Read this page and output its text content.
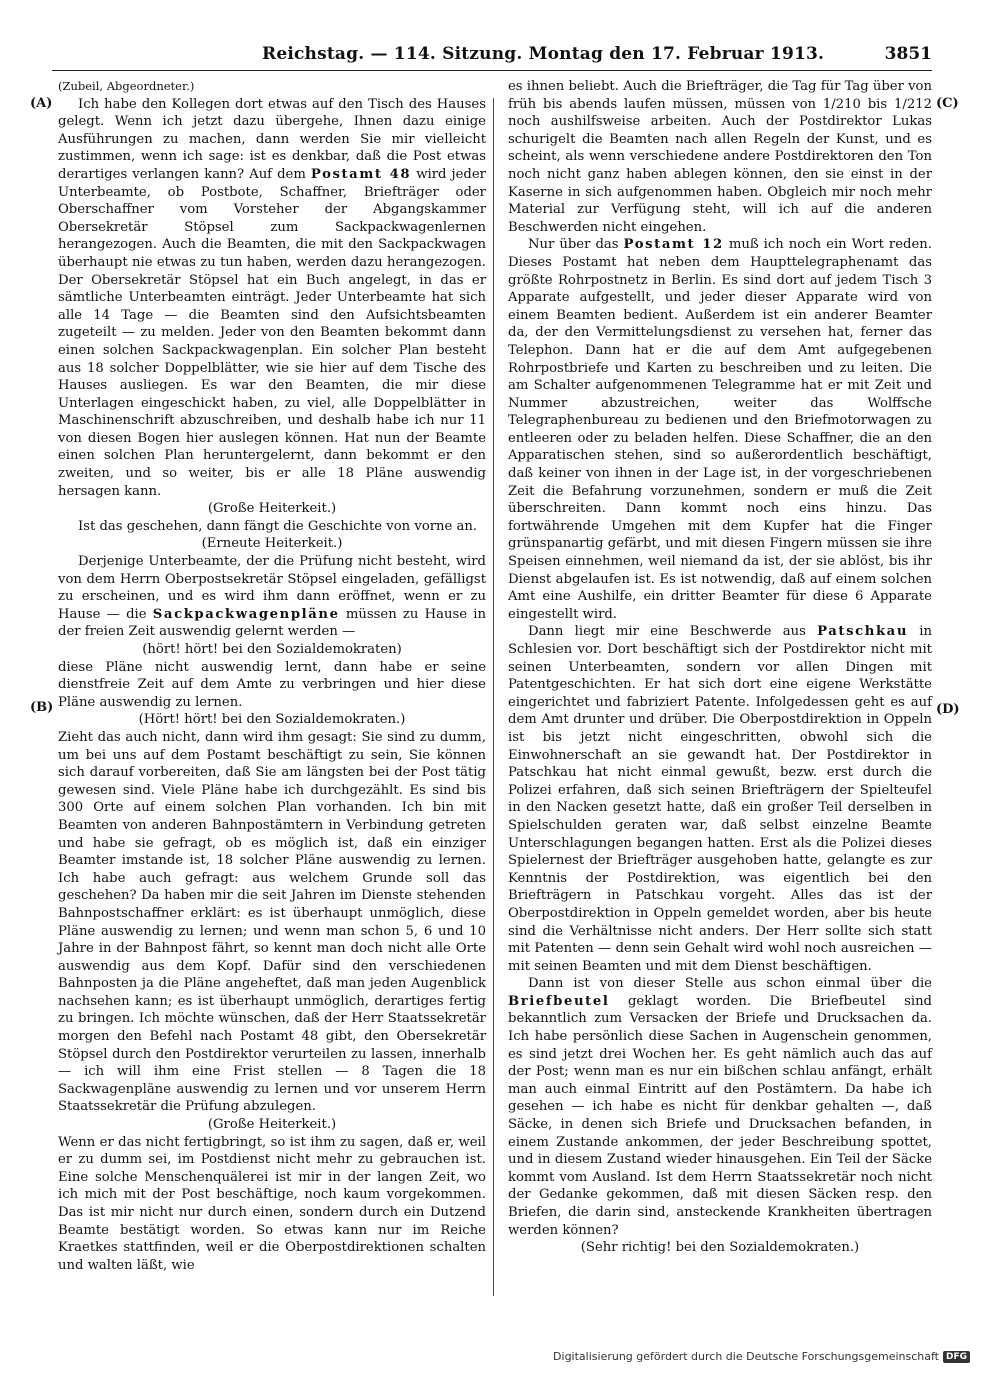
Reichstag. — 114. Sitzung. Montag den 17. Februar 1913.	3851
(A)
(B)
(C)
(D)

(Zubeil, Abgeordneter.)

Ich habe den Kollegen dort etwas auf den Tisch des Hauses gelegt. Wenn ich jetzt dazu übergehe, Ihnen dazu einige Ausführungen zu machen, dann werden Sie mir vielleicht zustimmen, wenn ich sage: ist es denkbar, daß die Post etwas derartiges verlangen kann? Auf dem Postamt 48 wird jeder Unterbeamte, ob Postbote, Schaffner, Briefträger oder Oberschaffner vom Vorsteher der Abgangskammer Obersekretär Stöpsel zum Sackpackwagenlernen herangezogen. Auch die Beamten, die mit den Sackpackwagen überhaupt nie etwas zu tun haben, werden dazu herangezogen. Der Obersekretär Stöpsel hat ein Buch angelegt, in das er sämtliche Unterbeamten einträgt. Jeder Unterbeamte hat sich alle 14 Tage — die Beamten sind den Aufsichtsbeamten zugeteilt — zu melden. Jeder von den Beamten bekommt dann einen solchen Sackpackwagenplan. Ein solcher Plan besteht aus 18 solcher Doppelblätter, wie sie hier auf dem Tische des Hauses ausliegen. Es war den Beamten, die mir diese Unterlagen eingeschickt haben, zu viel, alle Doppelblätter in Maschinenschrift abzuschreiben, und deshalb habe ich nur 11 von diesen Bogen hier auslegen können. Hat nun der Beamte einen solchen Plan heruntergelernt, dann bekommt er den zweiten, und so weiter, bis er alle 18 Pläne auswendig hersagen kann.

(Große Heiterkeit.)

Ist das geschehen, dann fängt die Geschichte von vorne an.

(Erneute Heiterkeit.)

Derjenige Unterbeamte, der die Prüfung nicht besteht, wird von dem Herrn Oberpostsekretär Stöpsel eingeladen, gefälligst zu erscheinen, und es wird ihm dann eröffnet, wenn er zu Hause — die Sackpackwagenpläne müssen zu Hause in der freien Zeit auswendig gelernt werden —

(hört! hört! bei den Sozialdemokraten)

diese Pläne nicht auswendig lernt, dann habe er seine dienstfreie Zeit auf dem Amte zu verbringen und hier diese Pläne auswendig zu lernen.

(Hört! hört! bei den Sozialdemokraten.)

Zieht das auch nicht, dann wird ihm gesagt: Sie sind zu dumm, um bei uns auf dem Postamt beschäftigt zu sein, Sie können sich darauf vorbereiten, daß Sie am längsten bei der Post tätig gewesen sind. Viele Pläne habe ich durchgezählt. Es sind bis 300 Orte auf einem solchen Plan vorhanden. Ich bin mit Beamten von anderen Bahnpostämtern in Verbindung getreten und habe sie gefragt, ob es möglich ist, daß ein einziger Beamter imstande ist, 18 solcher Pläne auswendig zu lernen. Ich habe auch gefragt: aus welchem Grunde soll das geschehen? Da haben mir die seit Jahren im Dienste stehenden Bahnpostschaffner erklärt: es ist überhaupt unmöglich, diese Pläne auswendig zu lernen; und wenn man schon 5, 6 und 10 Jahre in der Bahnpost fährt, so kennt man doch nicht alle Orte auswendig aus dem Kopf. Dafür sind den verschiedenen Bahnposten ja die Pläne angeheftet, daß man jeden Augenblick nachsehen kann; es ist überhaupt unmöglich, derartiges fertig zu bringen. Ich möchte wünschen, daß der Herr Staatssekretär morgen den Befehl nach Postamt 48 gibt, den Obersekretär Stöpsel durch den Postdirektor verurteilen zu lassen, innerhalb — ich will ihm eine Frist stellen — 8 Tagen die 18 Sackwagenpläne auswendig zu lernen und vor unserem Herrn Staatssekretär die Prüfung abzulegen.

(Große Heiterkeit.)

Wenn er das nicht fertigbringt, so ist ihm zu sagen, daß er, weil er zu dumm sei, im Postdienst nicht mehr zu gebrauchen ist. Eine solche Menschenquälerei ist mir in der langen Zeit, wo ich mich mit der Post beschäftige, noch kaum vorgekommen. Das ist mir nicht nur durch einen, sondern durch ein Dutzend Beamte bestätigt worden. So etwas kann nur im Reiche Kraetkes stattfinden, weil er die Oberpostdirektionen schalten und walten läßt, wie

es ihnen beliebt. Auch die Briefträger, die Tag für Tag über von früh bis abends laufen müssen, müssen von 1/210 bis 1/212 noch aushilfsweise arbeiten. Auch der Postdirektor Lukas schurigelt die Beamten nach allen Regeln der Kunst, und es scheint, als wenn verschiedene andere Postdirektoren den Ton noch nicht ganz haben ablegen können, den sie einst in der Kaserne in sich aufgenommen haben. Obgleich mir noch mehr Material zur Verfügung steht, will ich auf die anderen Beschwerden nicht eingehen.

Nur über das Postamt 12 muß ich noch ein Wort reden. Dieses Postamt hat neben dem Haupttelegraphenamt das größte Rohrpostnetz in Berlin. Es sind dort auf jedem Tisch 3 Apparate aufgestellt, und jeder dieser Apparate wird von einem Beamten bedient. Außerdem ist ein anderer Beamter da, der den Vermittelungsdienst zu versehen hat, ferner das Telephon. Dann hat er die auf dem Amt aufgegebenen Rohrpostbriefe und Karten zu beschreiben und zu leiten. Die am Schalter aufgenommenen Telegramme hat er mit Zeit und Nummer abzustreichen, weiter das Wolffsche Telegraphenbureau zu bedienen und den Briefmotorwagen zu entleeren oder zu beladen helfen. Diese Schaffner, die an den Apparatischen stehen, sind so außerordentlich beschäftigt, daß keiner von ihnen in der Lage ist, in der vorgeschriebenen Zeit die Befahrung vorzunehmen, sondern er muß die Zeit überschreiten. Dann kommt noch eins hinzu. Das fortwährende Umgehen mit dem Kupfer hat die Finger grünspanartig gefärbt, und mit diesen Fingern müssen sie ihre Speisen einnehmen, weil niemand da ist, der sie ablöst, bis ihr Dienst abgelaufen ist. Es ist notwendig, daß auf einem solchen Amt eine Aushilfe, ein dritter Beamter für diese 6 Apparate eingestellt wird.

Dann liegt mir eine Beschwerde aus Patschkau in Schlesien vor. Dort beschäftigt sich der Postdirektor nicht mit seinen Unterbeamten, sondern vor allen Dingen mit Patentgeschichten. Er hat sich dort eine eigene Werkstätte eingerichtet und fabriziert Patente. Infolgedessen geht es auf dem Amt drunter und drüber. Die Oberpostdirektion in Oppeln ist bis jetzt nicht eingeschritten, obwohl sich die Einwohnerschaft an sie gewandt hat. Der Postdirektor in Patschkau hat nicht einmal gewußt, bezw. erst durch die Polizei erfahren, daß sich seinen Briefträgern der Spielteufel in den Nacken gesetzt hatte, daß ein großer Teil derselben in Spielschulden geraten war, daß selbst einzelne Beamte Unterschlagungen begangen hatten. Erst als die Polizei dieses Spielernest der Briefträger ausgehoben hatte, gelangte es zur Kenntnis der Postdirektion, was eigentlich bei den Briefträgern in Patschkau vorgeht. Alles das ist der Oberpostdirektion in Oppeln gemeldet worden, aber bis heute sind die Verhältnisse nicht anders. Der Herr sollte sich statt mit Patenten — denn sein Gehalt wird wohl noch ausreichen — mit seinen Beamten und mit dem Dienst beschäftigen.

Dann ist von dieser Stelle aus schon einmal über die Briefbeutel geklagt worden. Die Briefbeutel sind bekanntlich zum Versacken der Briefe und Drucksachen da. Ich habe persönlich diese Sachen in Augenschein genommen, es sind jetzt drei Wochen her. Es geht nämlich auch das auf der Post; wenn man es nur ein bißchen schlau anfängt, erhält man auch einmal Eintritt auf den Postämtern. Da habe ich gesehen — ich habe es nicht für denkbar gehalten —, daß Säcke, in denen sich Briefe und Drucksachen befanden, in einem Zustande ankommen, der jeder Beschreibung spottet, und in diesem Zustand wieder hinausgehen. Ein Teil der Säcke kommt vom Ausland. Ist dem Herrn Staatssekretär noch nicht der Gedanke gekommen, daß mit diesen Säcken resp. den Briefen, die darin sind, ansteckende Krankheiten übertragen werden können?

(Sehr richtig! bei den Sozialdemokraten.)

Digitalisierung gefördert durch die Deutsche Forschungsgemeinschaft DFG
